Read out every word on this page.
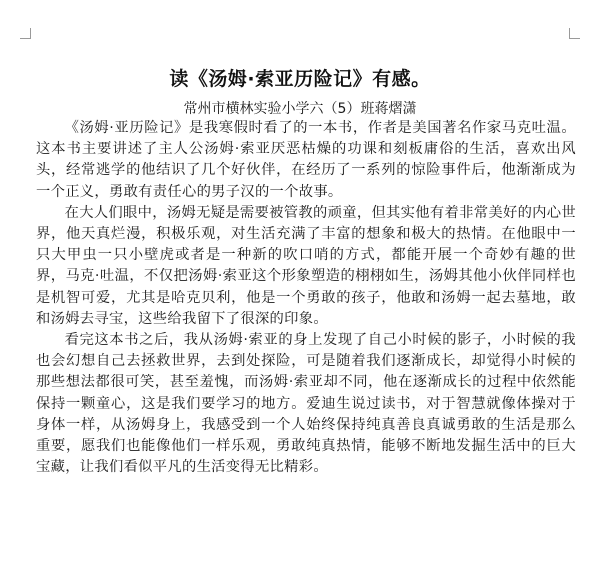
读《汤姆·索亚历险记》有感。
常州市横林实验小学六（5）班蒋熠潇

《汤姆·亚历险记》是我寒假时看了的一本书，作者是美国著名作家马克吐温。这本书主要讲述了主人公汤姆·索亚厌恶枯燥的功课和刻板庸俗的生活，喜欢出风头，经常逃学的他结识了几个好伙伴，在经历了一系列的惊险事件后，他渐渐成为一个正义，勇敢有责任心的男子汉的一个故事。

在大人们眼中，汤姆无疑是需要被管教的顽童，但其实他有着非常美好的内心世界，他天真烂漫，积极乐观，对生活充满了丰富的想象和极大的热情。在他眼中一只大甲虫一只小壁虎或者是一种新的吹口哨的方式，都能开展一个奇妙有趣的世界，马克·吐温，不仅把汤姆·索亚这个形象塑造的栩栩如生，汤姆其他小伙伴同样也是机智可爱，尤其是哈克贝利，他是一个勇敢的孩子，他敢和汤姆一起去墓地，敢和汤姆去寻宝，这些给我留下了很深的印象。

看完这本书之后，我从汤姆·索亚的身上发现了自己小时候的影子，小时候的我也会幻想自己去拯救世界，去到处探险，可是随着我们逐渐成长，却觉得小时候的那些想法都很可笑，甚至羞愧，而汤姆·索亚却不同，他在逐渐成长的过程中依然能保持一颗童心，这是我们要学习的地方。爱迪生说过读书，对于智慧就像体操对于身体一样，从汤姆身上，我感受到一个人始终保持纯真善良真诚勇敢的生活是那么重要，愿我们也能像他们一样乐观，勇敢纯真热情，能够不断地发掘生活中的巨大宝藏，让我们看似平凡的生活变得无比精彩。
